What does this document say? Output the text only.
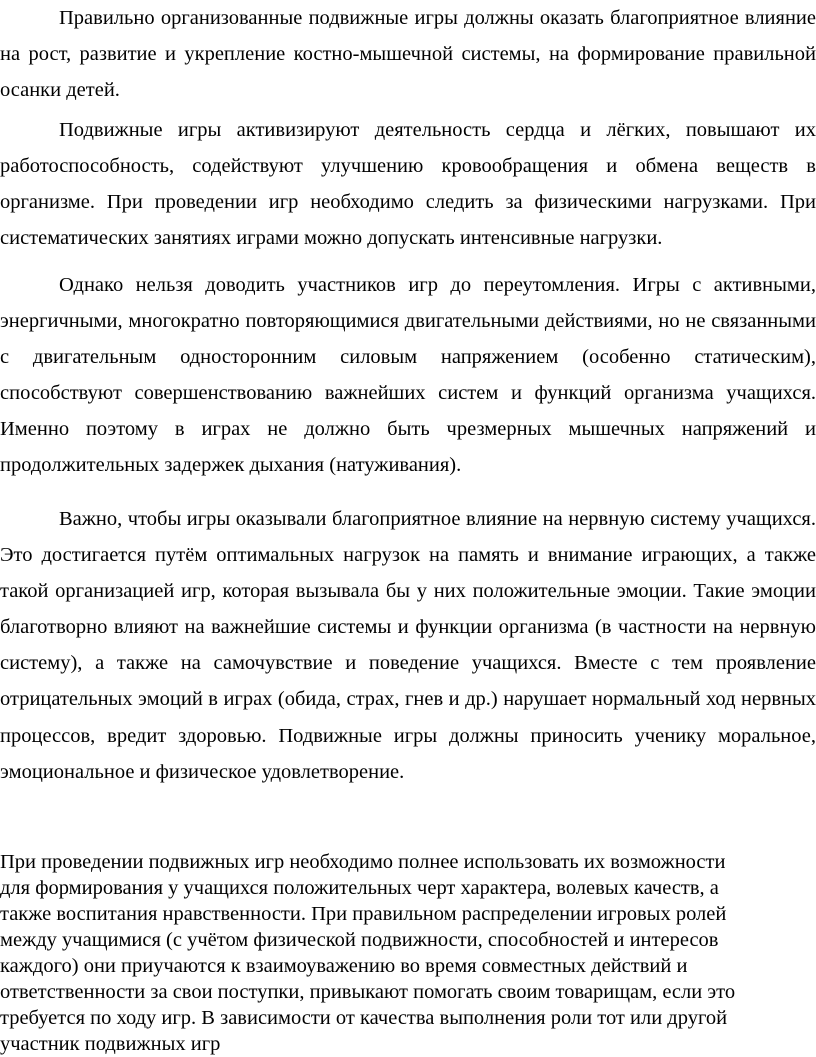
Правильно организованные подвижные игры должны оказать благоприятное влияние на рост, развитие и укрепление костно-мышечной системы, на формирование правильной осанки детей.

Подвижные игры активизируют деятельность сердца и лёгких, повышают их работоспособность, содействуют улучшению кровообращения и обмена веществ в организме. При проведении игр необходимо следить за физическими нагрузками. При систематических занятиях играми можно допускать интенсивные нагрузки.

Однако нельзя доводить участников игр до переутомления. Игры с активными, энергичными, многократно повторяющимися двигательными действиями, но не связанными с двигательным односторонним силовым напряжением (особенно статическим), способствуют совершенствованию важнейших систем и функций организма учащихся. Именно поэтому в играх не должно быть чрезмерных мышечных напряжений и продолжительных задержек дыхания (натуживания).

Важно, чтобы игры оказывали благоприятное влияние на нервную систему учащихся. Это достигается путём оптимальных нагрузок на память и внимание играющих, а также такой организацией игр, которая вызывала бы у них положительные эмоции. Такие эмоции благотворно влияют на важнейшие системы и функции организма (в частности на нервную систему), а также на самочувствие и поведение учащихся. Вместе с тем проявление отрицательных эмоций в играх (обида, страх, гнев и др.) нарушает нормальный ход нервных процессов, вредит здоровью. Подвижные игры должны приносить ученику моральное, эмоциональное и физическое удовлетворение.

При проведении подвижных игр необходимо полнее использовать их возможности
для формирования у учащихся положительных черт характера, волевых качеств, а
также воспитания нравственности. При правильном распределении игровых ролей
между учащимися (с учётом физической подвижности, способностей и интересов
каждого) они приучаются к взаимоуважению во время совместных действий и
ответственности за свои поступки, привыкают помогать своим товарищам, если это
требуется по ходу игр. В зависимости от качества выполнения роли тот или другой
участник подвижных игр
